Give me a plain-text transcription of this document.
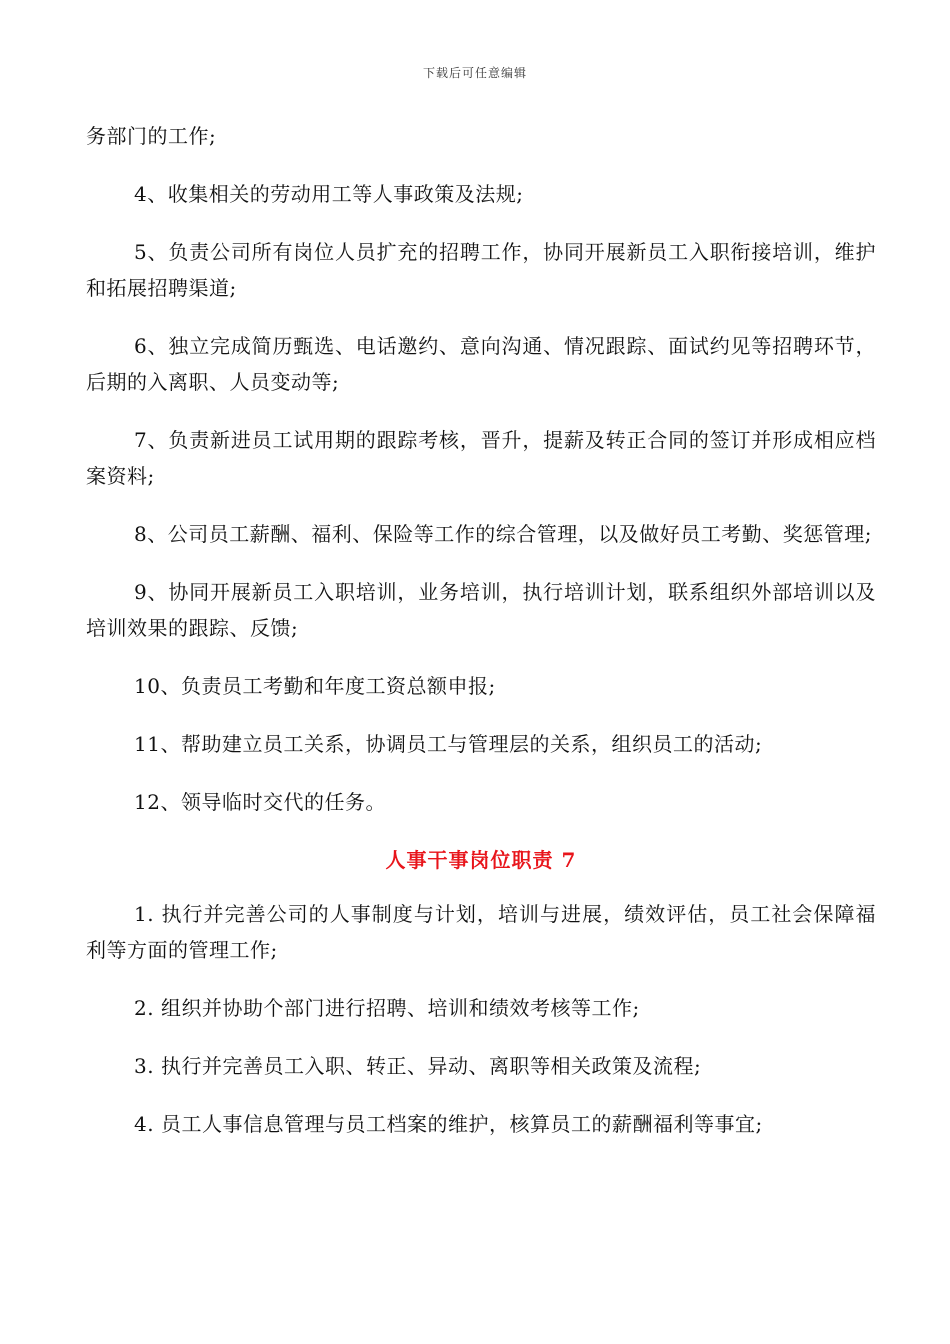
下载后可任意编辑

务部门的工作;

4、收集相关的劳动用工等人事政策及法规;

5、负责公司所有岗位人员扩充的招聘工作，协同开展新员工入职衔接培训，维护和拓展招聘渠道;

6、独立完成简历甄选、电话邀约、意向沟通、情况跟踪、面试约见等招聘环节，后期的入离职、人员变动等;

7、负责新进员工试用期的跟踪考核，晋升，提薪及转正合同的签订并形成相应档案资料;

8、公司员工薪酬、福利、保险等工作的综合管理，以及做好员工考勤、奖惩管理;

9、协同开展新员工入职培训，业务培训，执行培训计划，联系组织外部培训以及培训效果的跟踪、反馈;

10、负责员工考勤和年度工资总额申报;

11、帮助建立员工关系，协调员工与管理层的关系，组织员工的活动;

12、领导临时交代的任务。

人事干事岗位职责 7

1. 执行并完善公司的人事制度与计划，培训与进展，绩效评估，员工社会保障福利等方面的管理工作;

2. 组织并协助个部门进行招聘、培训和绩效考核等工作;

3. 执行并完善员工入职、转正、异动、离职等相关政策及流程;

4. 员工人事信息管理与员工档案的维护，核算员工的薪酬福利等事宜;
